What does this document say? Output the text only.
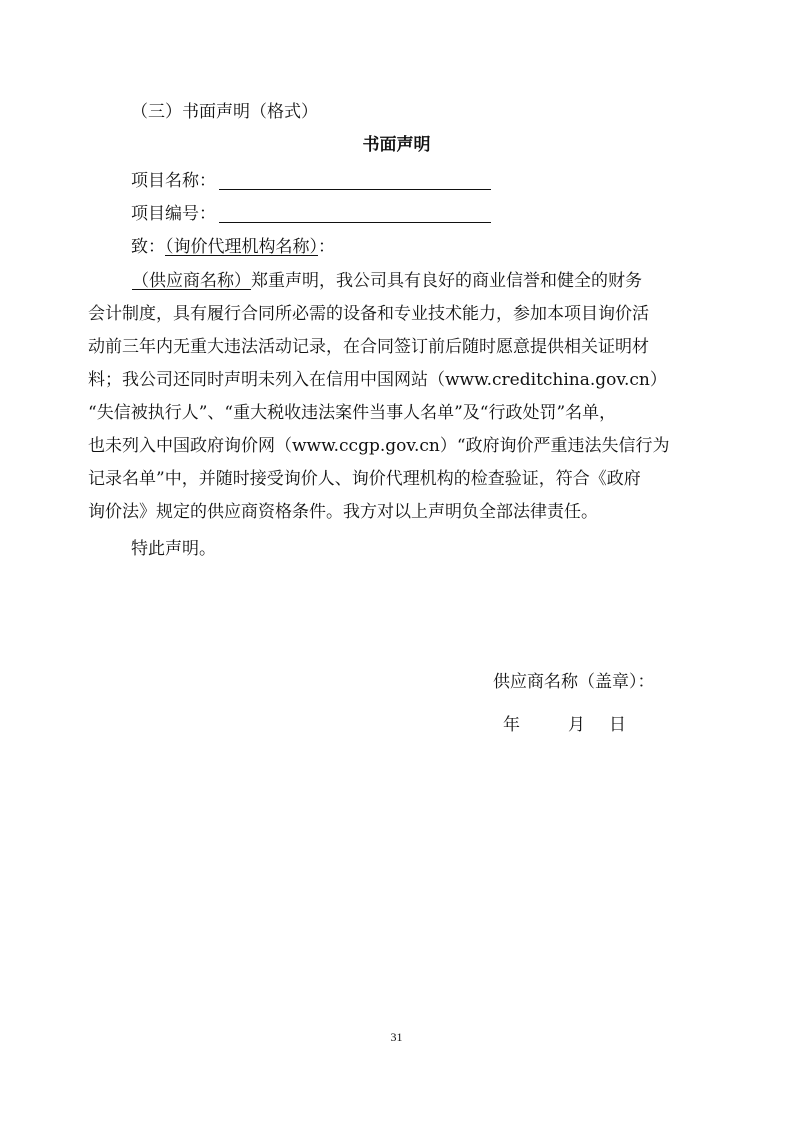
（三）书面声明（格式）
书面声明
项目名称：
项目编号：
致：（询价代理机构名称）：
（供应商名称）郑重声明，我公司具有良好的商业信誉和健全的财务
会计制度，具有履行合同所必需的设备和专业技术能力，参加本项目询价活
动前三年内无重大违法活动记录，在合同签订前后随时愿意提供相关证明材
料；我公司还同时声明未列入在信用中国网站（www.creditchina.gov.cn）
“失信被执行人”、“重大税收违法案件当事人名单”及“行政处罚”名单，
也未列入中国政府询价网（www.ccgp.gov.cn）“政府询价严重违法失信行为
记录名单”中，并随时接受询价人、询价代理机构的检查验证，符合《政府
询价法》规定的供应商资格条件。我方对以上声明负全部法律责任。
特此声明。
供应商名称（盖章）：
年	月 日
31
